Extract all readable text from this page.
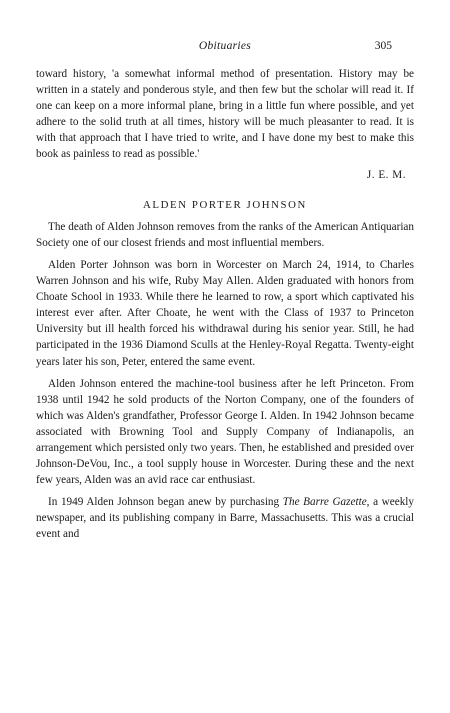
Obituaries	305

toward history, 'a somewhat informal method of presentation. History may be written in a stately and ponderous style, and then few but the scholar will read it. If one can keep on a more informal plane, bring in a little fun where possible, and yet adhere to the solid truth at all times, history will be much pleasanter to read. It is with that approach that I have tried to write, and I have done my best to make this book as painless to read as possible.'

J. E. M.

ALDEN PORTER JOHNSON

The death of Alden Johnson removes from the ranks of the American Antiquarian Society one of our closest friends and most influential members.

Alden Porter Johnson was born in Worcester on March 24, 1914, to Charles Warren Johnson and his wife, Ruby May Allen. Alden graduated with honors from Choate School in 1933. While there he learned to row, a sport which captivated his interest ever after. After Choate, he went with the Class of 1937 to Princeton University but ill health forced his withdrawal during his senior year. Still, he had participated in the 1936 Diamond Sculls at the Henley-Royal Regatta. Twenty-eight years later his son, Peter, entered the same event.

Alden Johnson entered the machine-tool business after he left Princeton. From 1938 until 1942 he sold products of the Norton Company, one of the founders of which was Alden's grandfather, Professor George I. Alden. In 1942 Johnson became associated with Browning Tool and Supply Company of Indianapolis, an arrangement which persisted only two years. Then, he established and presided over Johnson-DeVou, Inc., a tool supply house in Worcester. During these and the next few years, Alden was an avid race car enthusiast.

In 1949 Alden Johnson began anew by purchasing The Barre Gazette, a weekly newspaper, and its publishing company in Barre, Massachusetts. This was a crucial event and
